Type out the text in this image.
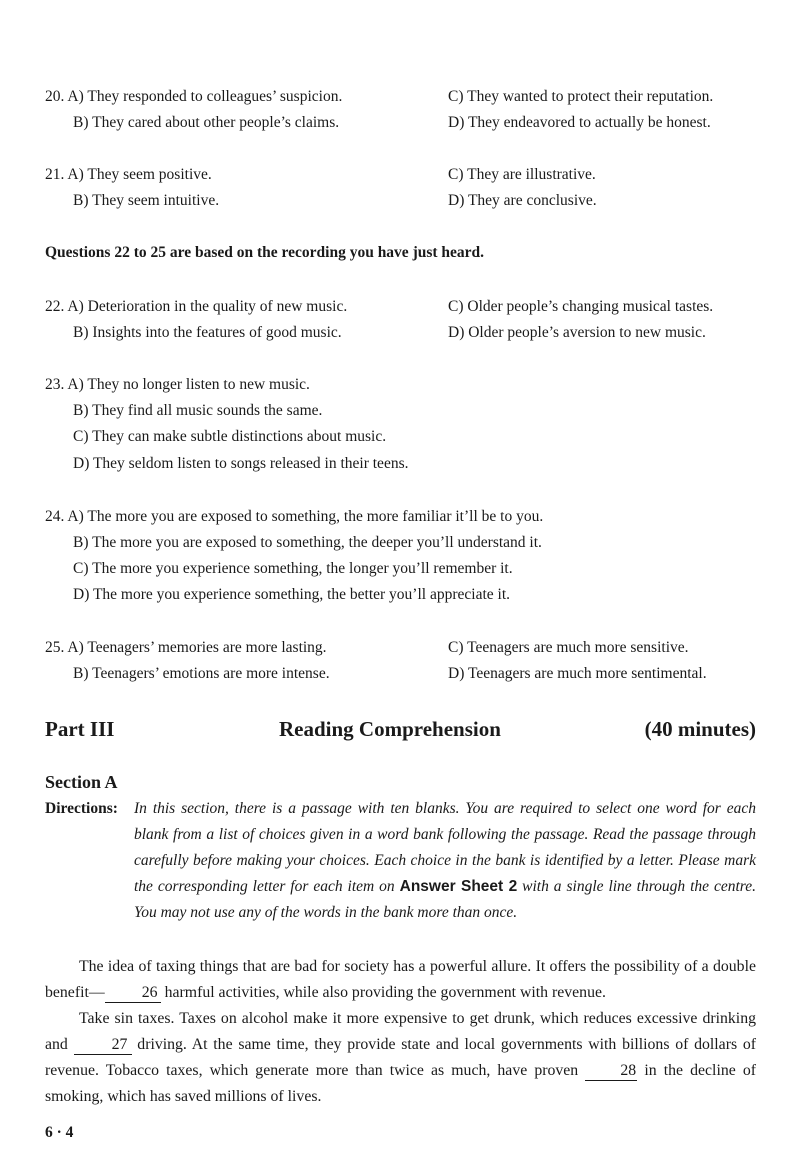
20. A) They responded to colleagues’ suspicion.
B) They cared about other people’s claims.
C) They wanted to protect their reputation.
D) They endeavored to actually be honest.
21. A) They seem positive.
B) They seem intuitive.
C) They are illustrative.
D) They are conclusive.
Questions 22 to 25 are based on the recording you have just heard.
22. A) Deterioration in the quality of new music.
B) Insights into the features of good music.
C) Older people’s changing musical tastes.
D) Older people’s aversion to new music.
23. A) They no longer listen to new music.
B) They find all music sounds the same.
C) They can make subtle distinctions about music.
D) They seldom listen to songs released in their teens.
24. A) The more you are exposed to something, the more familiar it’ll be to you.
B) The more you are exposed to something, the deeper you’ll understand it.
C) The more you experience something, the longer you’ll remember it.
D) The more you experience something, the better you’ll appreciate it.
25. A) Teenagers’ memories are more lasting.
B) Teenagers’ emotions are more intense.
C) Teenagers are much more sensitive.
D) Teenagers are much more sentimental.
Part III	Reading Comprehension	(40 minutes)
Section A
Directions: In this section, there is a passage with ten blanks. You are required to select one word for each blank from a list of choices given in a word bank following the passage. Read the passage through carefully before making your choices. Each choice in the bank is identified by a letter. Please mark the corresponding letter for each item on Answer Sheet 2 with a single line through the centre. You may not use any of the words in the bank more than once.
The idea of taxing things that are bad for society has a powerful allure. It offers the possibility of a double benefit— 26 harmful activities, while also providing the government with revenue.
Take sin taxes. Taxes on alcohol make it more expensive to get drunk, which reduces excessive drinking and 27 driving. At the same time, they provide state and local governments with billions of dollars of revenue. Tobacco taxes, which generate more than twice as much, have proven 28 in the decline of smoking, which has saved millions of lives.
6 · 4
